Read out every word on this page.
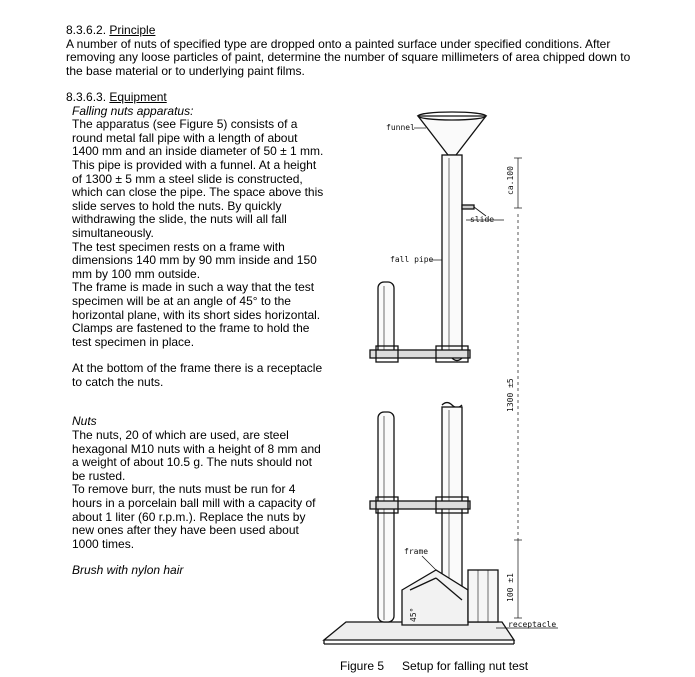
8.3.6.2. Principle

A number of nuts of specified type are dropped onto a painted surface under specified conditions. After removing any loose particles of paint, determine the number of square millimeters of area chipped down to the base material or to underlying paint films.

8.3.6.3. Equipment

Falling nuts apparatus:

The apparatus (see Figure 5) consists of a round metal fall pipe with a length of about 1400 mm and an inside diameter of 50 ± 1 mm. This pipe is provided with a funnel. At a height of 1300 ± 5 mm a steel slide is constructed, which can close the pipe. The space above this slide serves to hold the nuts. By quickly withdrawing the slide, the nuts will all fall simultaneously.

The test specimen rests on a frame with dimensions 140 mm by 90 mm inside and 150 mm by 100 mm outside.

The frame is made in such a way that the test specimen will be at an angle of 45° to the horizontal plane, with its short sides horizontal. Clamps are fastened to the frame to hold the test specimen in place.

At the bottom of the frame there is a receptacle to catch the nuts.

Nuts

The nuts, 20 of which are used, are steel hexagonal M10 nuts with a height of 8 mm and a weight of about 10.5 g. The nuts should not be rusted.

To remove burr, the nuts must be run for 4 hours in a porcelain ball mill with a capacity of about 1 liter (60 r.p.m.). Replace the nuts by new ones after they have been used about 1000 times.

Brush with nylon hair

funnel
fall pipe
slide
frame
receptacle
45°
ca.100
1300 ±5
100 ±1
Figure 5 Setup for falling nut test
